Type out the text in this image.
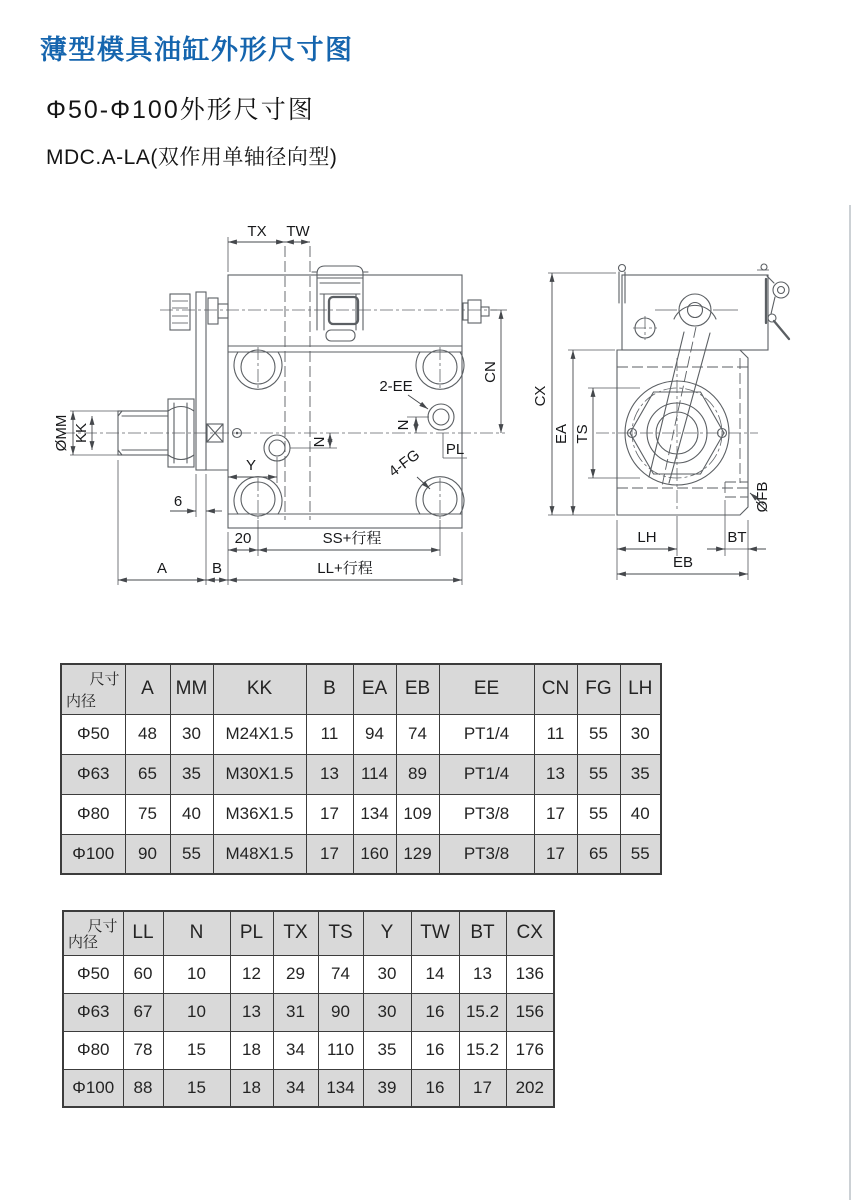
薄型模具油缸外形尺寸图
Φ50-Φ100外形尺寸图
MDC.A-LA(双作用单轴径向型)
TX TW
CN
2-EE
N
PL
4-FG
N
Y
ØMM KK
6
20	SS+行程
LL+行程
A	B
CX
EA TS
ØFB
LH	BT
EB
尺寸
内径	A	MM	KK	B	EA	EB	EE	CN	FG	LH
Φ50	48	30	M24X1.5	11	94	74	PT1/4	11	55	30
Φ63	65	35	M30X1.5	13	114	89	PT1/4	13	55	35
Φ80	75	40	M36X1.5	17	134	109	PT3/8	17	55	40
Φ100	90	55	M48X1.5	17	160	129	PT3/8	17	65	55
尺寸
内径	LL	N	PL	TX	TS	Y	TW	BT	CX
Φ50	60	10	12	29	74	30	14	13	136
Φ63	67	10	13	31	90	30	16	15.2	156
Φ80	78	15	18	34	110	35	16	15.2	176
Φ100	88	15	18	34	134	39	16	17	202
